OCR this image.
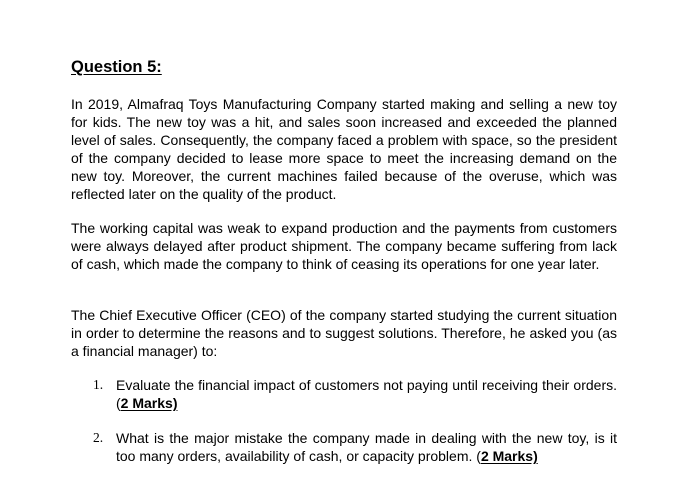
Question 5:

In 2019, Almafraq Toys Manufacturing Company started making and selling a new toy for kids. The new toy was a hit, and sales soon increased and exceeded the planned level of sales. Consequently, the company faced a problem with space, so the president of the company decided to lease more space to meet the increasing demand on the new toy. Moreover, the current machines failed because of the overuse, which was reflected later on the quality of the product.

The working capital was weak to expand production and the payments from customers were always delayed after product shipment. The company became suffering from lack of cash, which made the company to think of ceasing its operations for one year later.

The Chief Executive Officer (CEO) of the company started studying the current situation in order to determine the reasons and to suggest solutions. Therefore, he asked you (as a financial manager) to:

1. Evaluate the financial impact of customers not paying until receiving their orders. (2 Marks)
2. What is the major mistake the company made in dealing with the new toy, is it too many orders, availability of cash, or capacity problem. (2 Marks)
